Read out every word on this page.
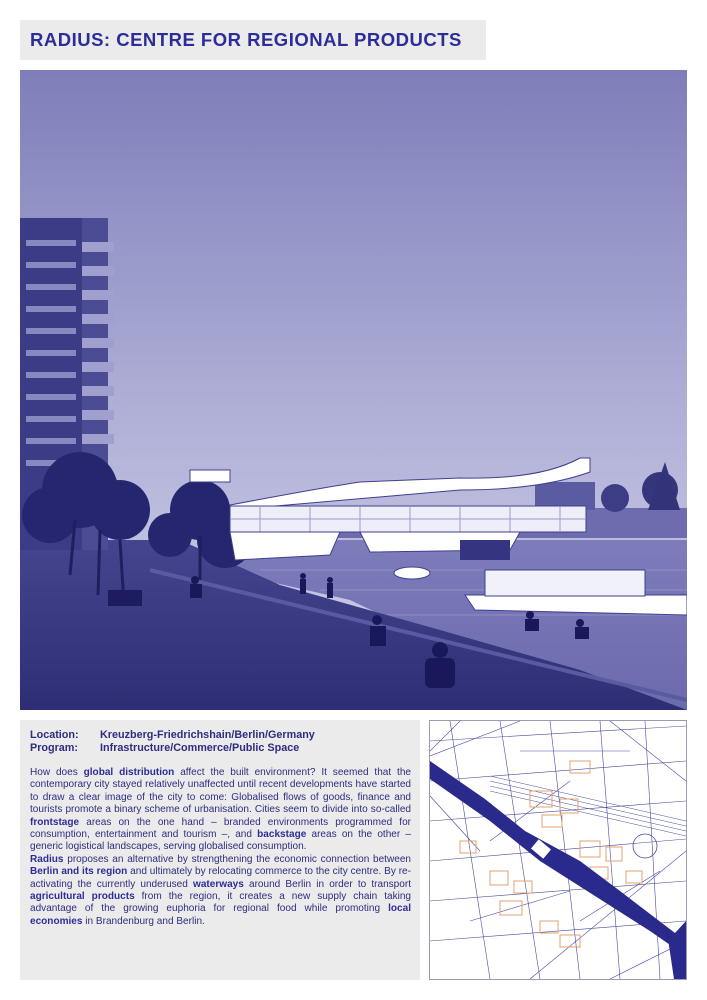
RADIUS: CENTRE FOR REGIONAL PRODUCTS
Location: Kreuzberg-Friedrichshain/Berlin/Germany
Program: Infrastructure/Commerce/Public Space
How does global distribution affect the built environment? It seemed that the contemporary city stayed relatively unaffected until recent developments have started to draw a clear image of the city to come: Globalised flows of goods, finance and tourists promote a binary scheme of urbanisation. Cities seem to divide into so-called frontstage areas on the one hand – branded environments programmed for consumption, entertainment and tourism –, and backstage areas on the other – generic logistical landscapes, serving globalised consumption.
Radius proposes an alternative by strengthening the economic connection between Berlin and its region and ultimately by relocating commerce to the city centre. By re-activating the currently underused waterways around Berlin in order to transport agricultural products from the region, it creates a new supply chain taking advantage of the growing euphoria for regional food while promoting local economies in Brandenburg and Berlin.
